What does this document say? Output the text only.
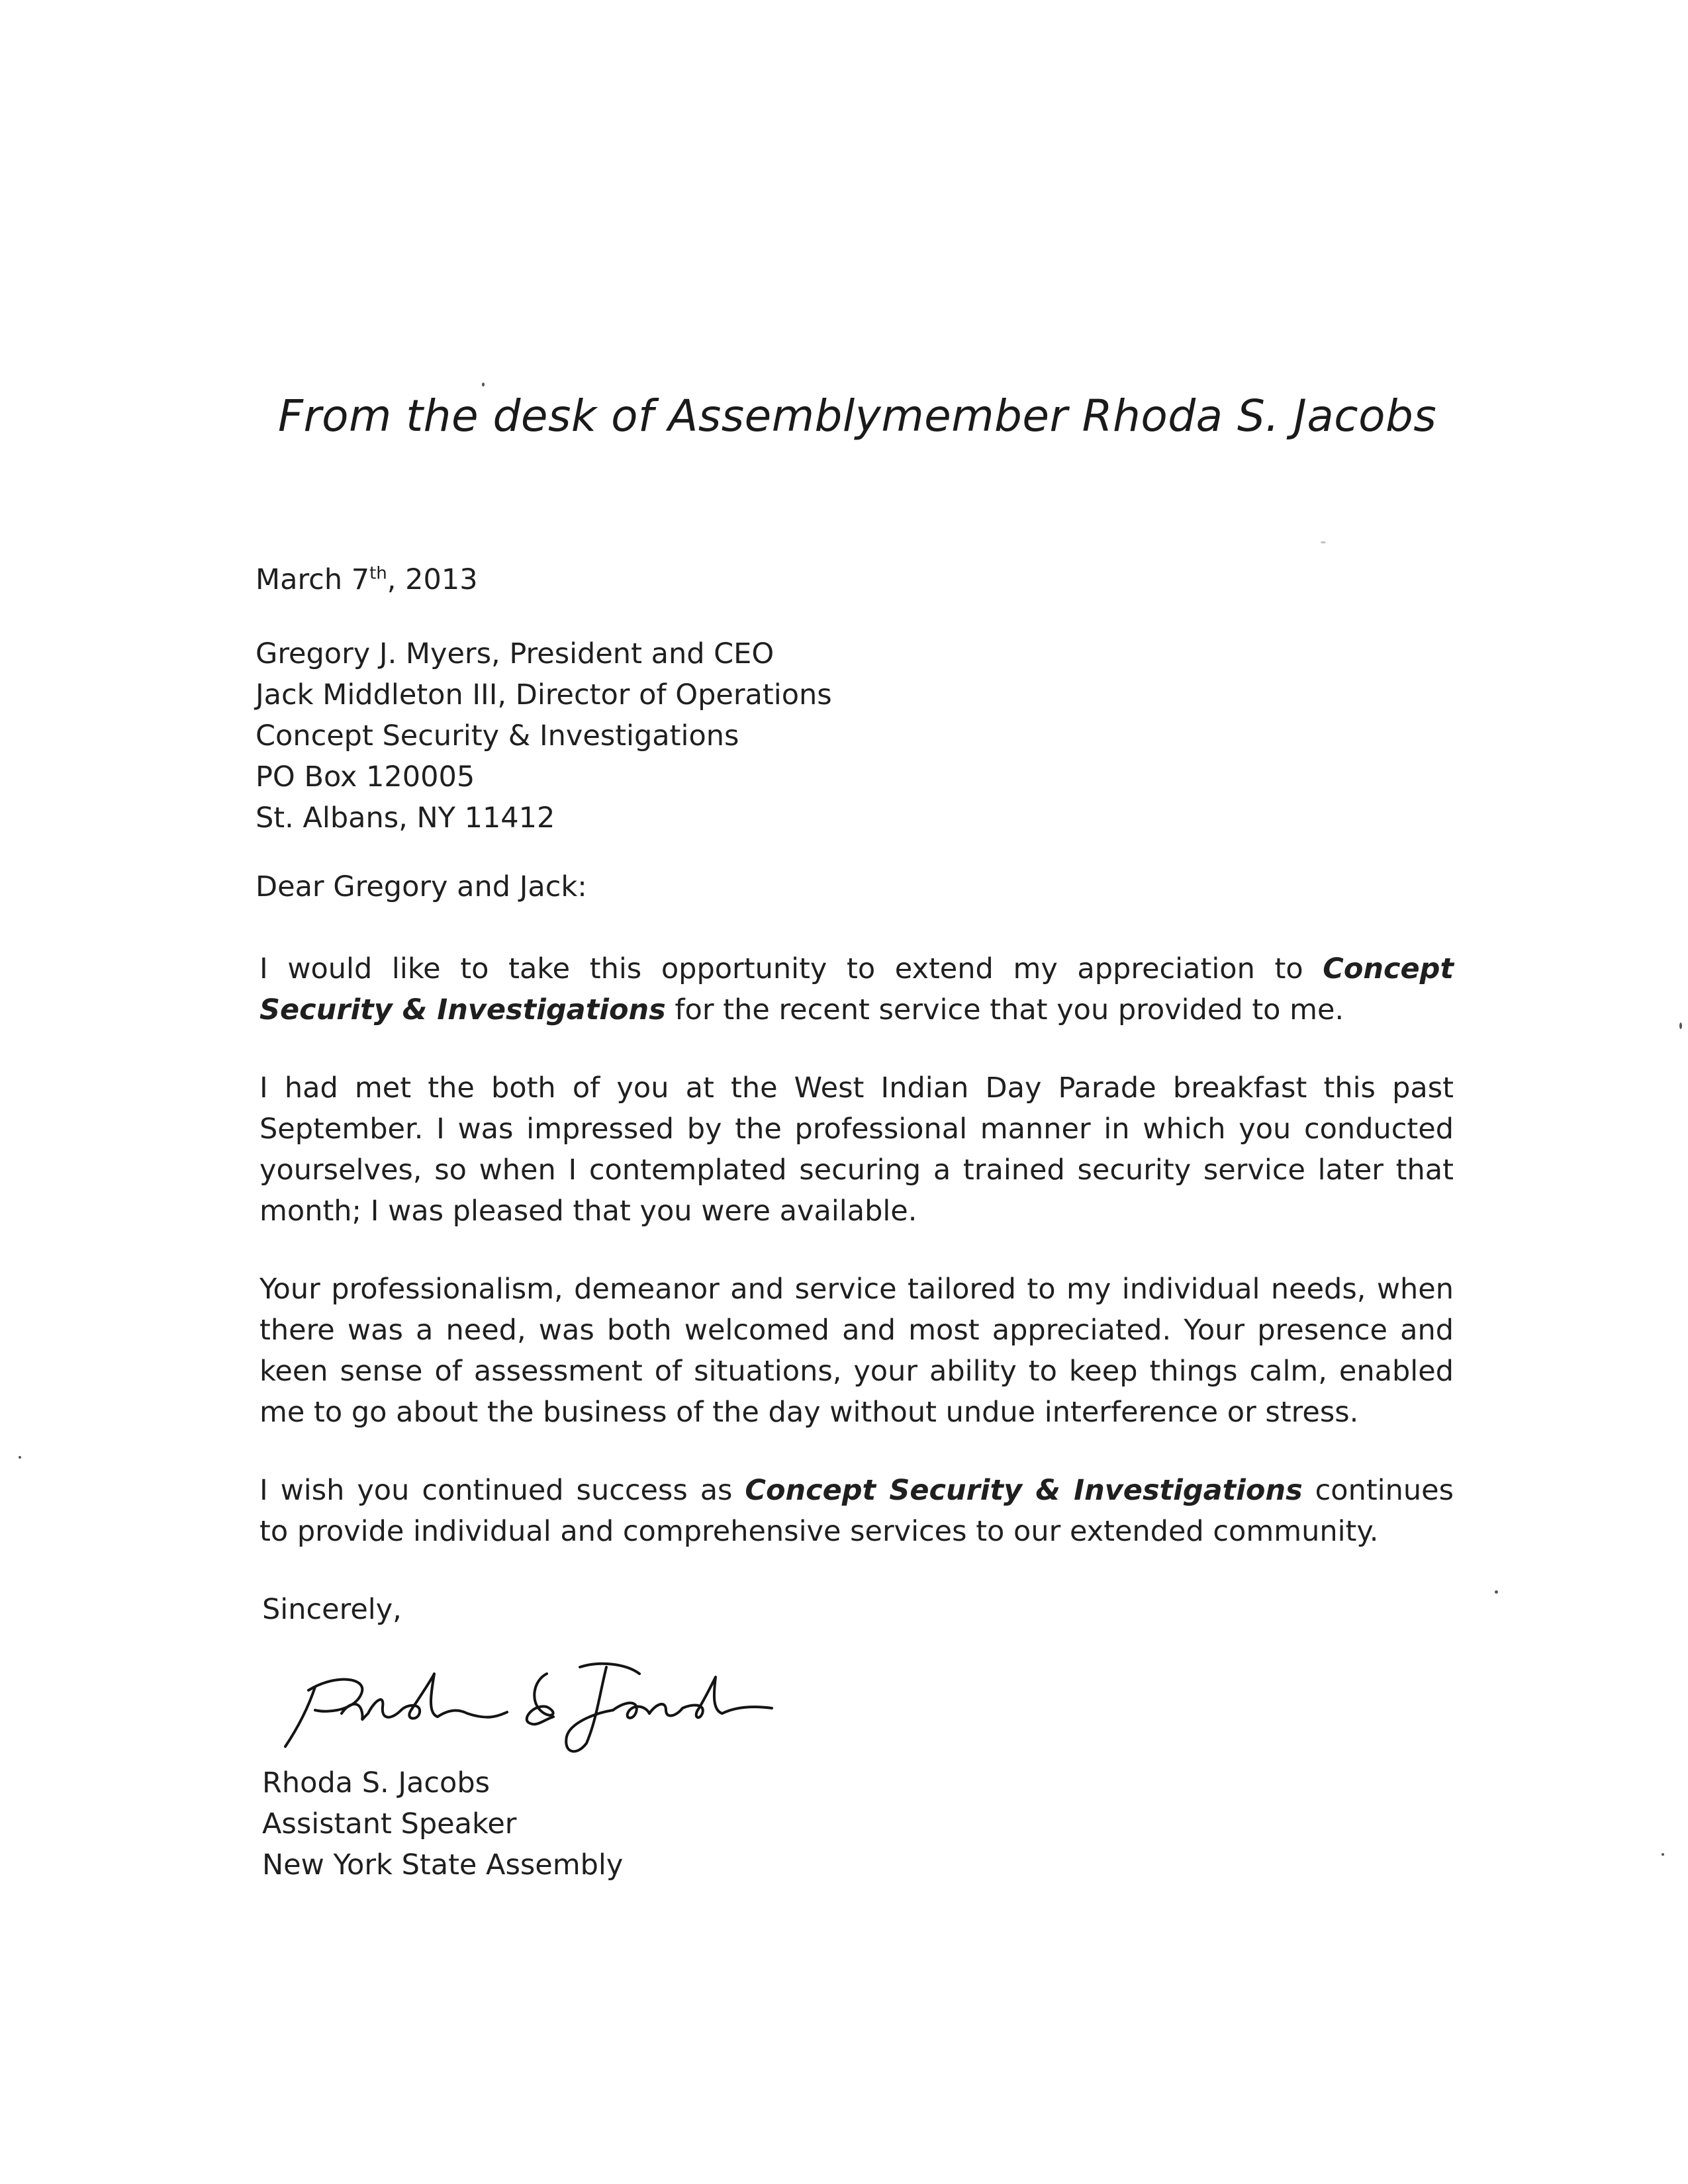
From the desk of Assemblymember Rhoda S. Jacobs

March 7th, 2013

Gregory J. Myers, President and CEO

Jack Middleton III, Director of Operations

Concept Security & Investigations

PO Box 120005

St. Albans, NY 11412

Dear Gregory and Jack:

I would like to take this opportunity to extend my appreciation to Concept Security & Investigations for the recent service that you provided to me.

I had met the both of you at the West Indian Day Parade breakfast this past September. I was impressed by the professional manner in which you conducted yourselves, so when I contemplated securing a trained security service later that month; I was pleased that you were available.

Your professionalism, demeanor and service tailored to my individual needs, when there was a need, was both welcomed and most appreciated. Your presence and keen sense of assessment of situations, your ability to keep things calm, enabled me to go about the business of the day without undue interference or stress.

I wish you continued success as Concept Security & Investigations continues to provide individual and comprehensive services to our extended community.

Sincerely,

Rhoda S. Jacobs

Assistant Speaker

New York State Assembly
